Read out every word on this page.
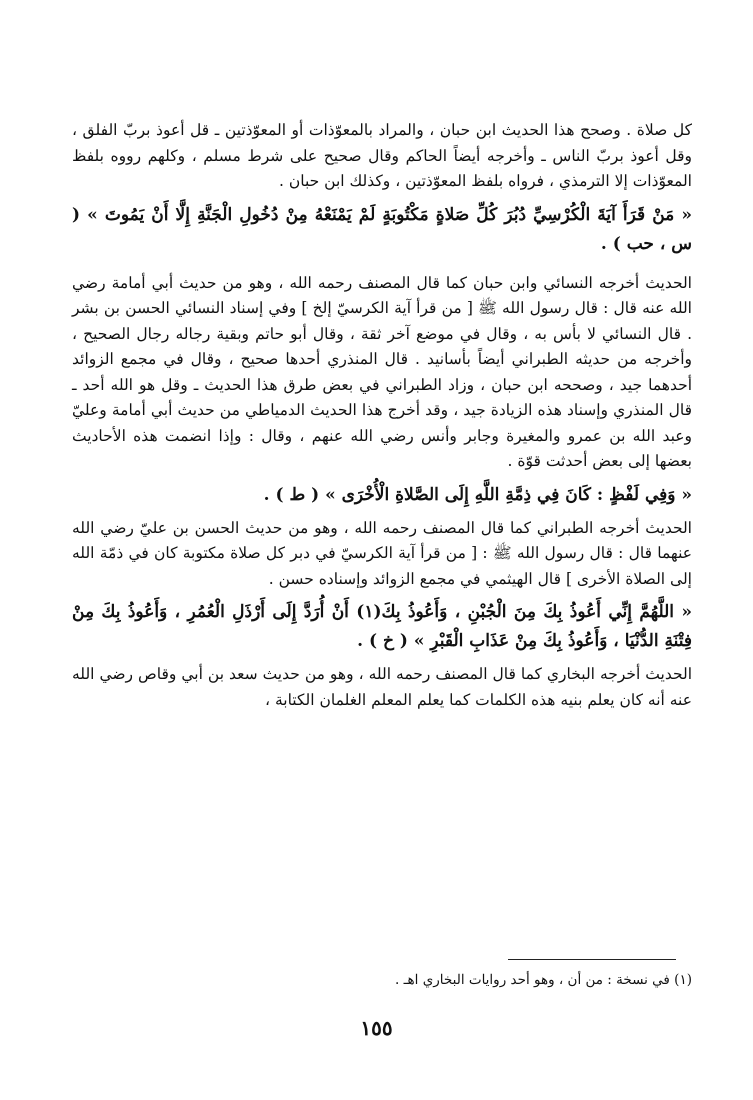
كل صلاة . وصحح هذا الحديث ابن حبان ، والمراد بالمعوّذات أو المعوّذتين ـ قل أعوذ بربّ الفلق ، وقل أعوذ بربّ الناس ـ وأخرجه أيضاً الحاكم وقال صحيح على شرط مسلم ، وكلهم رووه بلفظ المعوّذات إلا الترمذي ، فرواه بلفظ المعوّذتين ، وكذلك ابن حبان .

« مَنْ قَرَأَ آيَةَ الْكُرْسِيِّ دُبُرَ كُلِّ صَلاةٍ مَكْتُوبَةٍ لَمْ يَمْنَعْهُ مِنْ دُخُولِ الْجَنَّةِ إِلَّا أَنْ يَمُوتَ » ( س ، حب ) .

الحديث أخرجه النسائي وابن حبان كما قال المصنف رحمه الله ، وهو من حديث أبي أمامة رضي الله عنه قال : قال رسول الله ﷺ [ من قرأ آية الكرسيّ إلخ ] وفي إسناد النسائي الحسن بن بشر . قال النسائي لا بأس به ، وقال في موضع آخر ثقة ، وقال أبو حاتم وبقية رجاله رجال الصحيح ، وأخرجه من حديثه الطبراني أيضاً بأسانيد . قال المنذري أحدها صحيح ، وقال في مجمع الزوائد أحدهما جيد ، وصححه ابن حبان ، وزاد الطبراني في بعض طرق هذا الحديث ـ وقل هو الله أحد ـ قال المنذري وإسناد هذه الزيادة جيد ، وقد أخرج هذا الحديث الدمياطي من حديث أبي أمامة وعليّ وعبد الله بن عمرو والمغيرة وجابر وأنس رضي الله عنهم ، وقال : وإذا انضمت هذه الأحاديث بعضها إلى بعض أحدثت قوّة .

« وَفِي لَفْظٍ : كَانَ فِي ذِمَّةِ اللَّهِ إِلَى الصَّلاةِ الْأُخْرَى » ( ط ) .

الحديث أخرجه الطبراني كما قال المصنف رحمه الله ، وهو من حديث الحسن بن عليّ رضي الله عنهما قال : قال رسول الله ﷺ : [ من قرأ آية الكرسيّ في دبر كل صلاة مكتوبة كان في ذمّة الله إلى الصلاة الأخرى ] قال الهيثمي في مجمع الزوائد وإسناده حسن .

« اللَّهُمَّ إِنِّي أَعُوذُ بِكَ مِنَ الْجُبْنِ ، وَأَعُوذُ بِكَ(١) أَنْ أُرَدَّ إِلَى أَرْذَلِ الْعُمُرِ ، وَأَعُوذُ بِكَ مِنْ فِتْنَةِ الدُّنْيَا ، وَأَعُوذُ بِكَ مِنْ عَذَابِ الْقَبْرِ » ( خ ) .

الحديث أخرجه البخاري كما قال المصنف رحمه الله ، وهو من حديث سعد بن أبي وقاص رضي الله عنه أنه كان يعلم بنيه هذه الكلمات كما يعلم المعلم الغلمان الكتابة ،

(١) في نسخة : من أن ، وهو أحد روايات البخاري اهـ .
١٥٥
